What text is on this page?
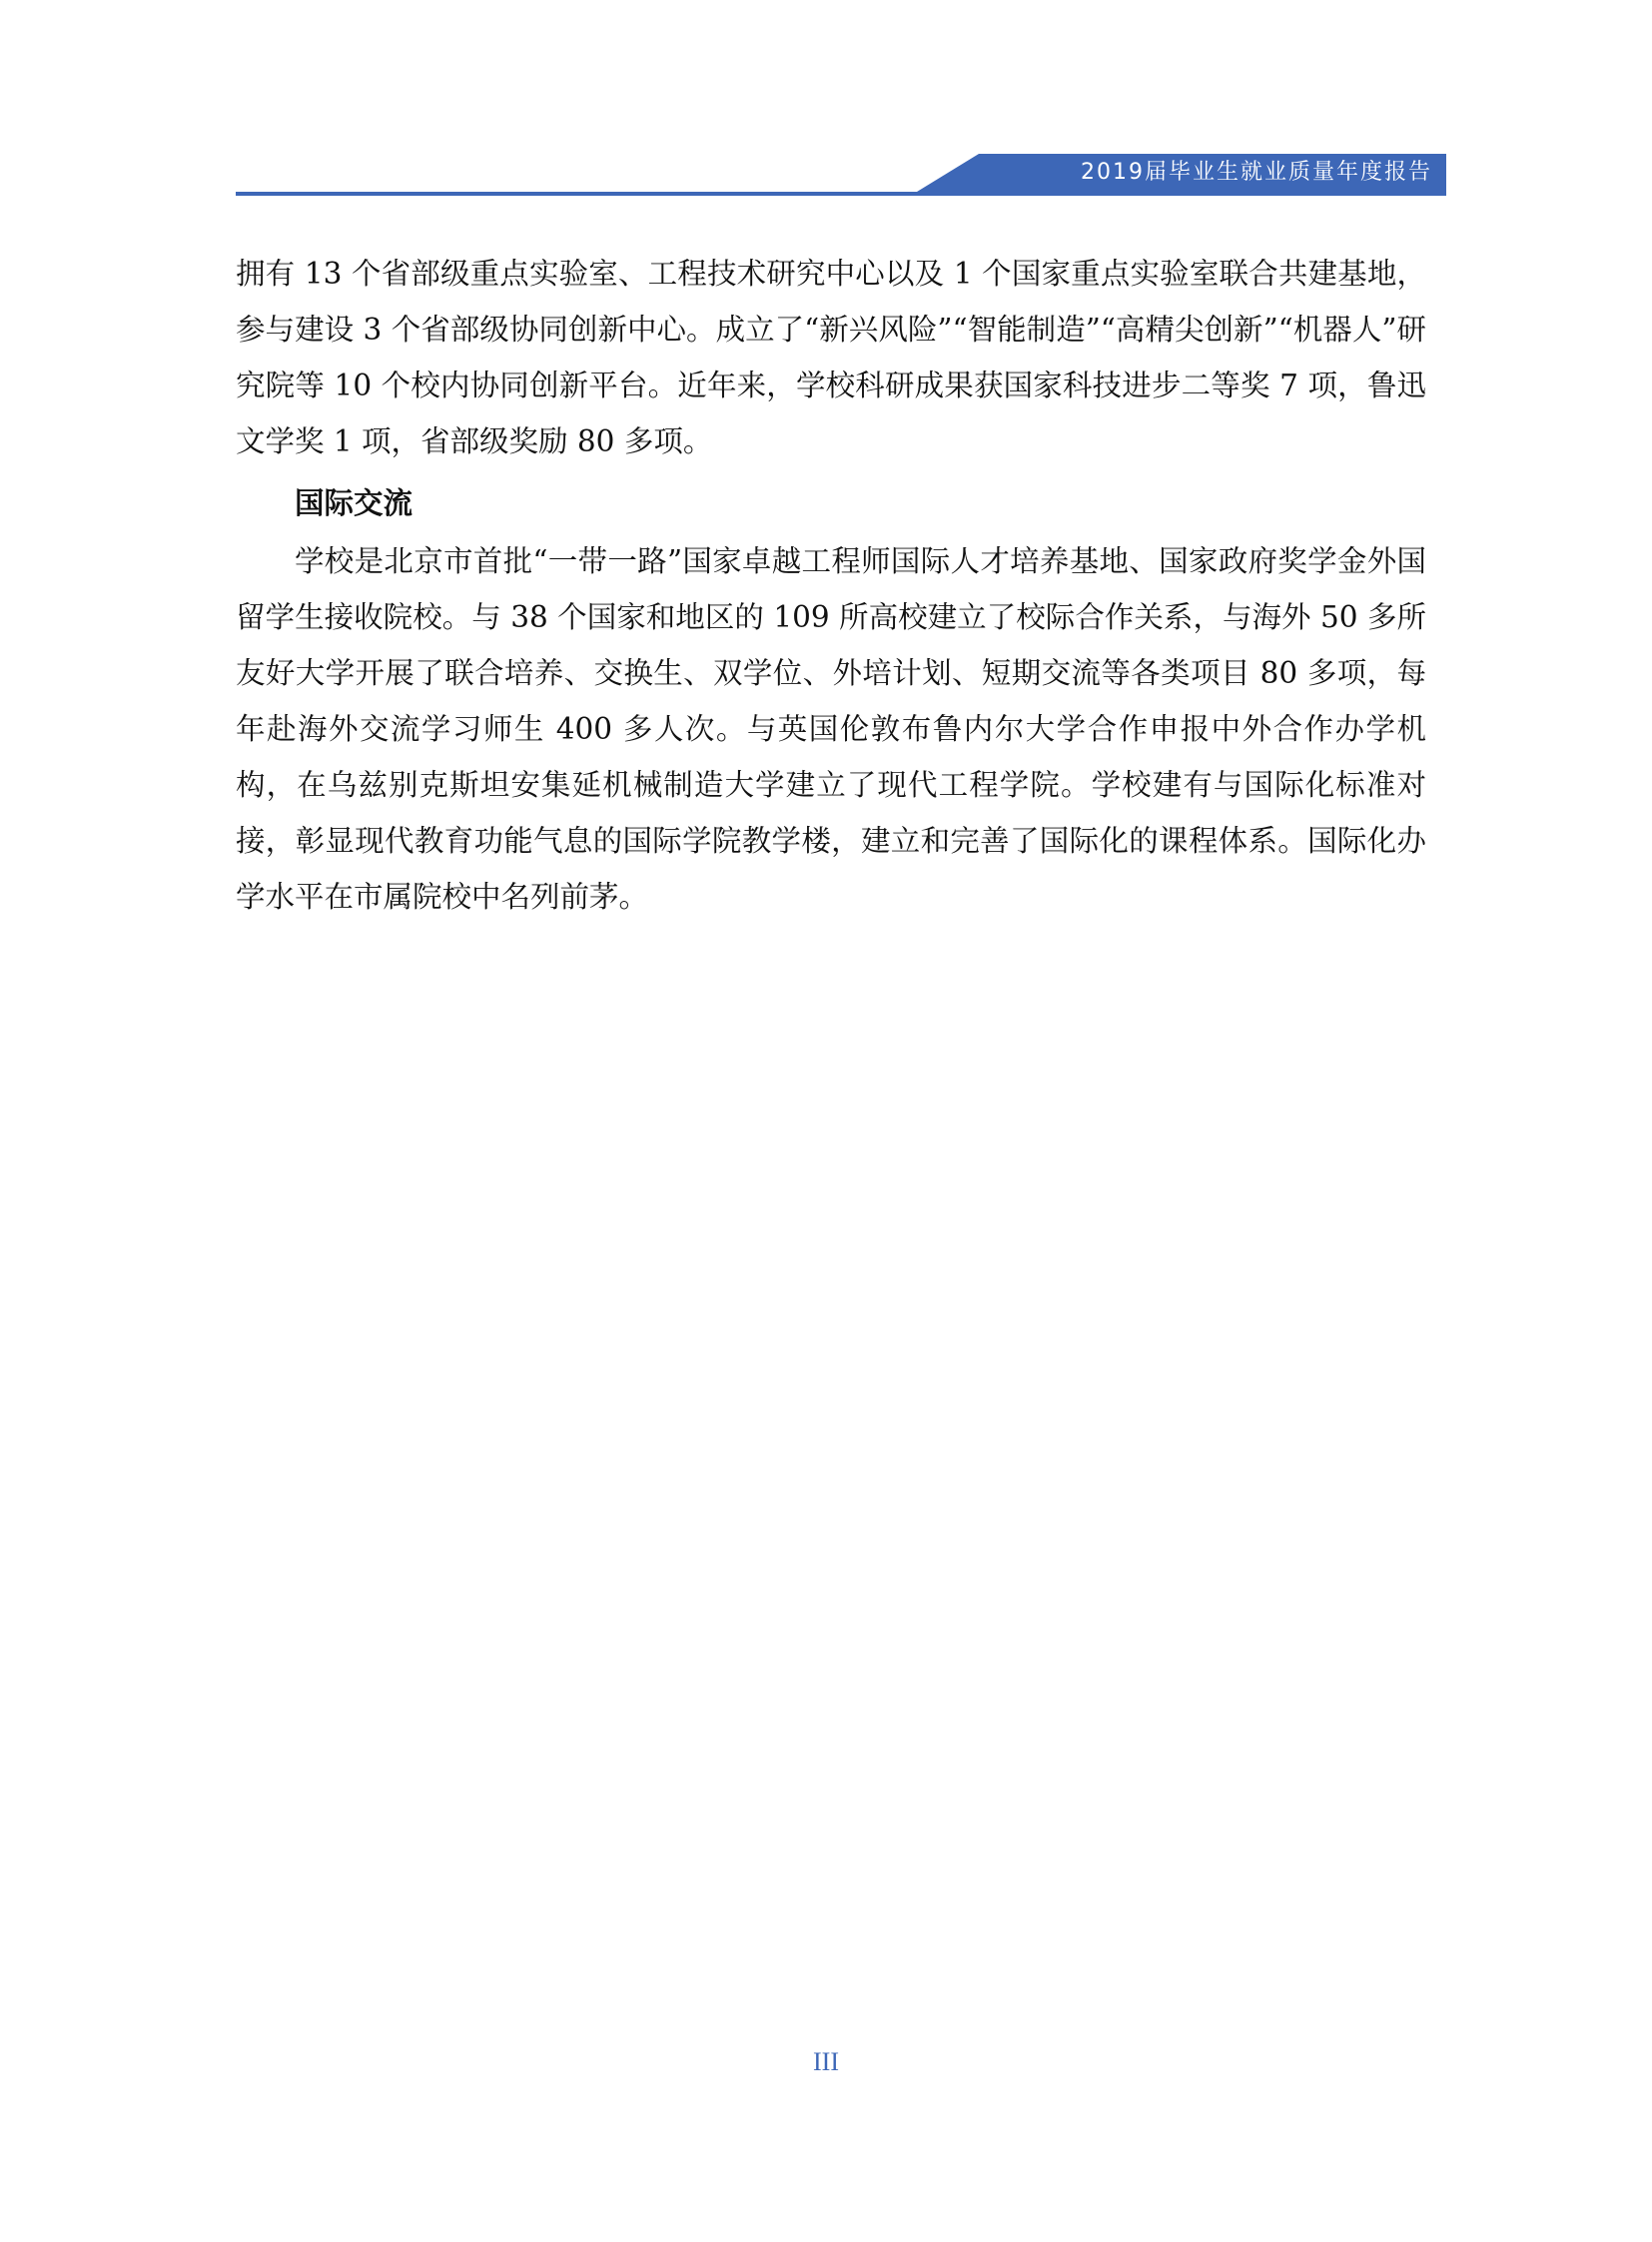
2019届毕业生就业质量年度报告

拥有 13 个省部级重点实验室、工程技术研究中心以及 1 个国家重点实验室联合共建基地，参与建设 3 个省部级协同创新中心。成立了“新兴风险”“智能制造”“高精尖创新”“机器人”研究院等 10 个校内协同创新平台。近年来，学校科研成果获国家科技进步二等奖 7 项，鲁迅文学奖 1 项，省部级奖励 80 多项。

国际交流

学校是北京市首批“一带一路”国家卓越工程师国际人才培养基地、国家政府奖学金外国留学生接收院校。与 38 个国家和地区的 109 所高校建立了校际合作关系，与海外 50 多所友好大学开展了联合培养、交换生、双学位、外培计划、短期交流等各类项目 80 多项，每年赴海外交流学习师生 400 多人次。与英国伦敦布鲁内尔大学合作申报中外合作办学机构，在乌兹别克斯坦安集延机械制造大学建立了现代工程学院。学校建有与国际化标准对接，彰显现代教育功能气息的国际学院教学楼，建立和完善了国际化的课程体系。国际化办学水平在市属院校中名列前茅。

III
